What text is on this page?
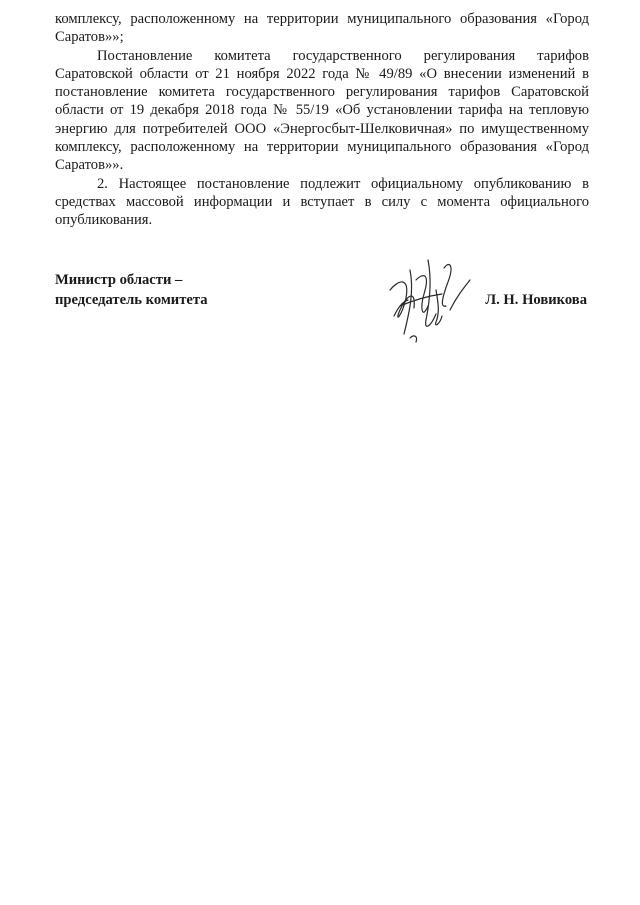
комплексу, расположенному на территории муниципального образования «Город
Саратов»»;
Постановление комитета государственного регулирования тарифов
Саратовской области от 21 ноября 2022 года № 49/89 «О внесении изменений в
постановление комитета государственного регулирования тарифов Саратовской
области от 19 декабря 2018 года № 55/19 «Об установлении тарифа на тепловую
энергию для потребителей ООО «Энергосбыт-Шелковичная» по имущественному
комплексу, расположенному на территории муниципального образования «Город
Саратов»».
2. Настоящее постановление подлежит официальному опубликованию в
средствах массовой информации и вступает в силу с момента официального
опубликования.
Министр области –
председатель комитета	Л. Н. Новикова
